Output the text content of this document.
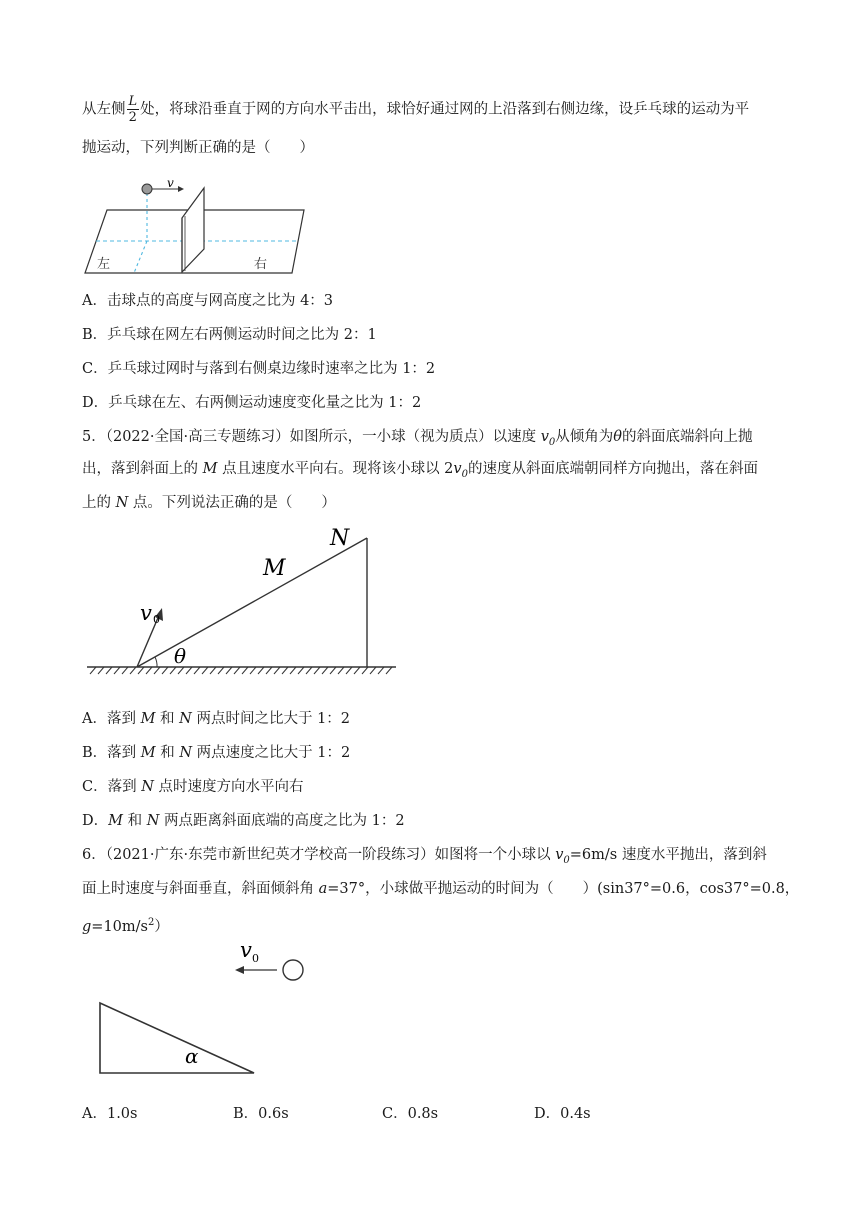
从左侧 $\frac{L}{2}$ 处，将球沿垂直于网的方向水平击出，球恰好通过网的上沿落到右侧边缘，设乒乓球的运动为平
抛运动，下列判断正确的是（　　）
v
左	右
A．击球点的高度与网高度之比为 4：3
B．乒乓球在网左右两侧运动时间之比为 2：1
C．乒乓球过网时与落到右侧桌边缘时速率之比为 1：2
D．乒乓球在左、右两侧运动速度变化量之比为 1：2
5．（2022·全国·高三专题练习）如图所示，一小球（视为质点）以速度 $v_0$从倾角为θ的斜面底端斜向上抛
出，落到斜面上的 M 点且速度水平向右。现将该小球以 $2v_0$的速度从斜面底端朝同样方向抛出，落在斜面
上的 N 点。下列说法正确的是（　　）
θ
v 0
M
N
A．落到 M 和 N 两点时间之比大于 1：2
B．落到 M 和 N 两点速度之比大于 1：2
C．落到 N 点时速度方向水平向右
D．M 和 N 两点距离斜面底端的高度之比为 1：2
6．（2021·广东·东莞市新世纪英才学校高一阶段练习）如图将一个小球以 $v_0=6m/s$ 速度水平抛出，落到斜
面上时速度与斜面垂直，斜面倾斜角 a=37°，小球做平抛运动的时间为（　　）(sin37°=0.6，cos37°=0.8，
$g=10m/s^2$）
v 0
α
A．1.0s	B．0.6s	C．0.8s	D．0.4s
